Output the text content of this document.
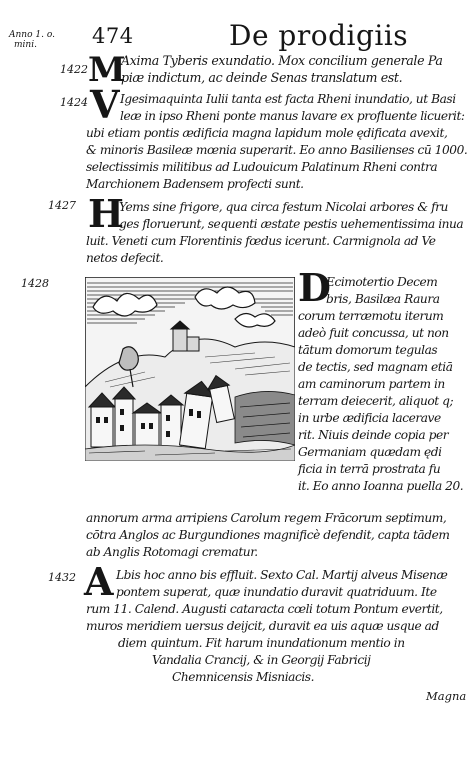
Anno 1. o.
mini.	474	De prodigiis
1422 M
Axima Tyberis exundatio. Mox concilium generale Pa
piæ indictum, ac deinde Senas translatum est.
1424 V Igesimaquinta Iulii tanta est facta Rheni inundatio, ut Basi
leæ in ipso Rheni ponte manus lavare ex profluente licuerit:
ubi etiam pontis ædificia magna lapidum mole ędificata avexit,
& minoris Basileæ mœnia superarit. Eo anno Basilienses cū 1000.
selectissimis militibus ad Ludouicum Palatinum Rheni contra
Marchionem Badensem profecti sunt.
1427 H
Yems sine frigore, qua circa festum Nicolai arbores & fru
ges floruerunt, sequenti æstate pestis uehementissima inua
luit. Veneti cum Florentinis fœdus icerunt. Carmignola ad Ve
netos defecit.
1428	D
Ecimotertio Decem
bris, Basilæa Raura
corum terræmotu iterum
adeò fuit concussa, ut non
tātum domorum tegulas
de tectis, sed magnam etiā
am caminorum partem in
terram deiecerit, aliquot q;
in urbe ædificia lacerave
rit. Niuis deinde copia per
Germaniam quædam ędi
ficia in terrā prostrata fu
it. Eo anno Ioanna puella 20.
annorum arma arripiens Carolum regem Frācorum septimum,
cōtra Anglos ac Burgundiones magnificè defendit, capta tādem
ab Anglis Rotomagi crematur.
1432 A Lbis hoc anno bis effluit. Sexto Cal. Martij alveus Misenæ
pontem superat, quæ inundatio duravit quatriduum. Ite
rum 11. Calend. Augusti cataracta cœli totum Pontum evertit,
muros meridiem uersus deijcit, duravit ea uis aquæ usque ad
diem quintum. Fit harum inundationum mentio in
Vandalia Crancij, & in Georgij Fabricij
Chemnicensis Misniacis.
Magna
